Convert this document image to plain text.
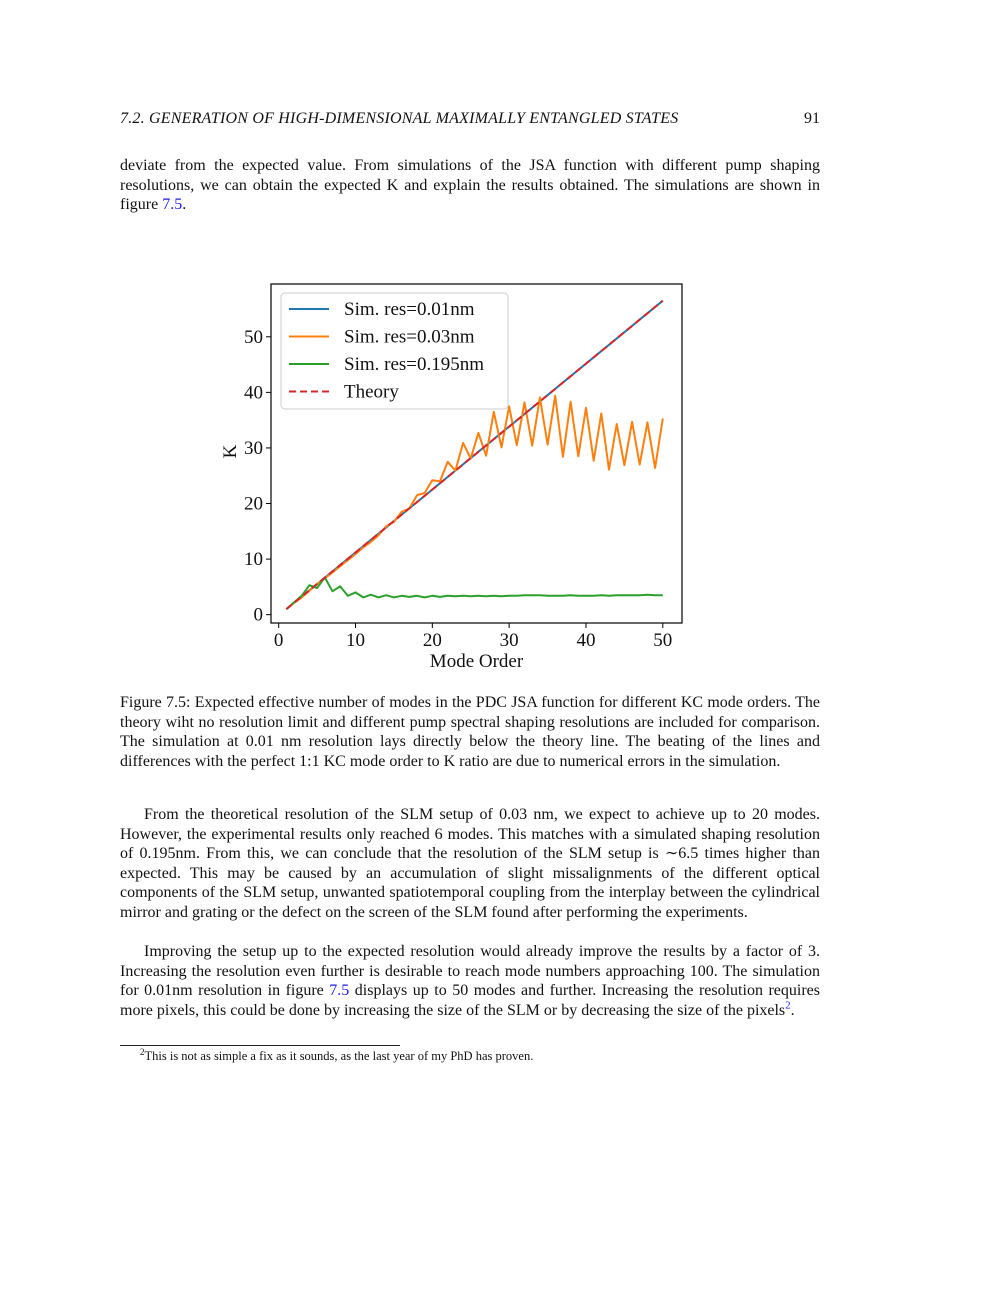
7.2. GENERATION OF HIGH-DIMENSIONAL MAXIMALLY ENTANGLED STATES	91

deviate from the expected value. From simulations of the JSA function with different pump shaping resolutions, we can obtain the expected K and explain the results obtained. The simulations are shown in figure 7.5.

Figure 7.5: Expected effective number of modes in the PDC JSA function for different KC mode orders. The theory wiht no resolution limit and different pump spectral shaping resolutions are included for comparison. The simulation at 0.01 nm resolution lays directly below the theory line. The beating of the lines and differences with the perfect 1:1 KC mode order to K ratio are due to numerical errors in the simulation.

From the theoretical resolution of the SLM setup of 0.03 nm, we expect to achieve up to 20 modes. However, the experimental results only reached 6 modes. This matches with a simulated shaping resolution of 0.195nm. From this, we can conclude that the resolution of the SLM setup is ∼6.5 times higher than expected. This may be caused by an accumulation of slight missalignments of the different optical components of the SLM setup, unwanted spatiotemporal coupling from the interplay between the cylindrical mirror and grating or the defect on the screen of the SLM found after performing the experiments.

Improving the setup up to the expected resolution would already improve the results by a factor of 3. Increasing the resolution even further is desirable to reach mode numbers approaching 100. The simulation for 0.01nm resolution in figure 7.5 displays up to 50 modes and further. Increasing the resolution requires more pixels, this could be done by increasing the size of the SLM or by decreasing the size of the pixels$^2$.

$^2$This is not as simple a fix as it sounds, as the last year of my PhD has proven.
0	10	20	30	40	50
0
10
20
30
40
50
Mode Order
K
Sim. res=0.01nm
Sim. res=0.03nm
Sim. res=0.195nm
Theory
